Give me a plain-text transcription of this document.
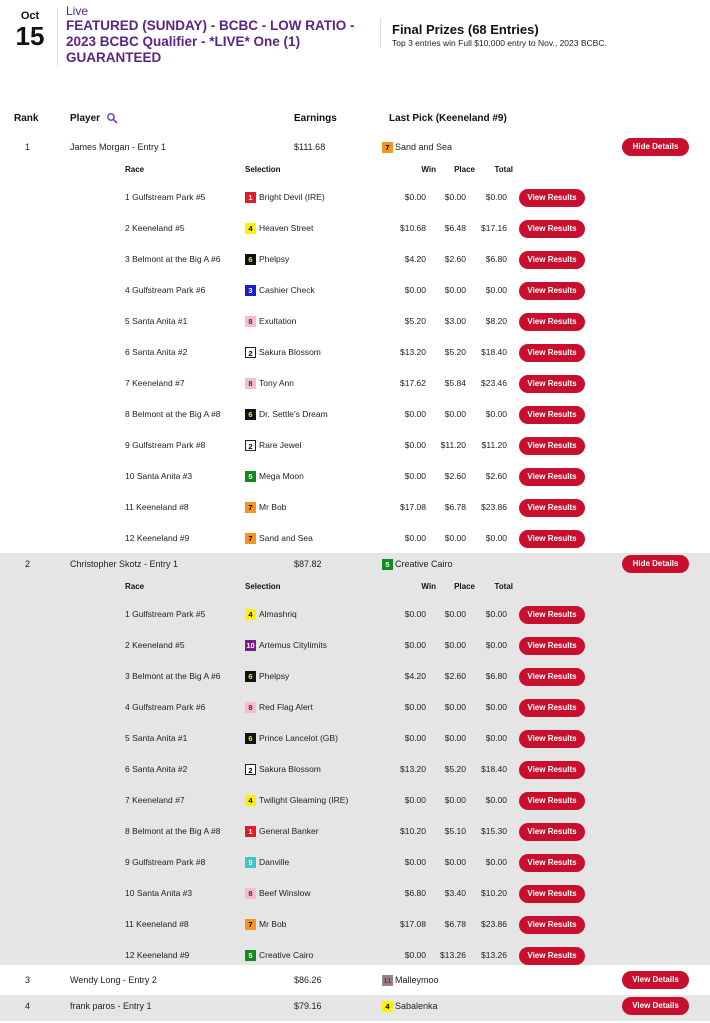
Oct
15
Live
FEATURED (SUNDAY) - BCBC - LOW RATIO - 2023 BCBC Qualifier - *LIVE* One (1) GUARANTEED
Final Prizes (68 Entries)
Top 3 entries win Full $10,000 entry to Nov., 2023 BCBC.
Rank	Player	Earnings	Last Pick (Keeneland #9)
1	James Morgan - Entry 1	$111.68	7 Sand and Sea	Hide Details
Race	Selection	Win	Place	Total
1 Gulfstream Park #5	1 Bright Devil (IRE)	$0.00	$0.00	$0.00	View Results
2 Keeneland #5	4 Heaven Street	$10.68	$6.48	$17.16	View Results
3 Belmont at the Big A #6	6 Phelpsy	$4.20	$2.60	$6.80	View Results
4 Gulfstream Park #6	3 Cashier Check	$0.00	$0.00	$0.00	View Results
5 Santa Anita #1	8 Exultation	$5.20	$3.00	$8.20	View Results
6 Santa Anita #2	2 Sakura Blossom	$13.20	$5.20	$18.40	View Results
7 Keeneland #7	8 Tony Ann	$17.62	$5.84	$23.46	View Results
8 Belmont at the Big A #8	6 Dr. Settle's Dream	$0.00	$0.00	$0.00	View Results
9 Gulfstream Park #8	2 Rare Jewel	$0.00	$11.20	$11.20	View Results
10 Santa Anita #3	5 Mega Moon	$0.00	$2.60	$2.60	View Results
11 Keeneland #8	7 Mr Bob	$17.08	$6.78	$23.86	View Results
12 Keeneland #9	7 Sand and Sea	$0.00	$0.00	$0.00	View Results
2	Christopher Skotz - Entry 1	$87.82	5 Creative Cairo	Hide Details
Race	Selection	Win	Place	Total
1 Gulfstream Park #5	4 Almashriq	$0.00	$0.00	$0.00	View Results
2 Keeneland #5	10 Artemus Citylimits	$0.00	$0.00	$0.00	View Results
3 Belmont at the Big A #6	6 Phelpsy	$4.20	$2.60	$6.80	View Results
4 Gulfstream Park #6	8 Red Flag Alert	$0.00	$0.00	$0.00	View Results
5 Santa Anita #1	6 Prince Lancelot (GB)	$0.00	$0.00	$0.00	View Results
6 Santa Anita #2	2 Sakura Blossom	$13.20	$5.20	$18.40	View Results
7 Keeneland #7	4 Twilight Gleaming (IRE)	$0.00	$0.00	$0.00	View Results
8 Belmont at the Big A #8	1 General Banker	$10.20	$5.10	$15.30	View Results
9 Gulfstream Park #8	9 Danville	$0.00	$0.00	$0.00	View Results
10 Santa Anita #3	8 Beef Winslow	$6.80	$3.40	$10.20	View Results
11 Keeneland #8	7 Mr Bob	$17.08	$6.78	$23.86	View Results
12 Keeneland #9	5 Creative Cairo	$0.00	$13.26	$13.26	View Results
3	Wendy Long - Entry 2	$86.26	11 Malleymoo	View Details
4	frank paros - Entry 1	$79.16	4 Sabalenka	View Details
